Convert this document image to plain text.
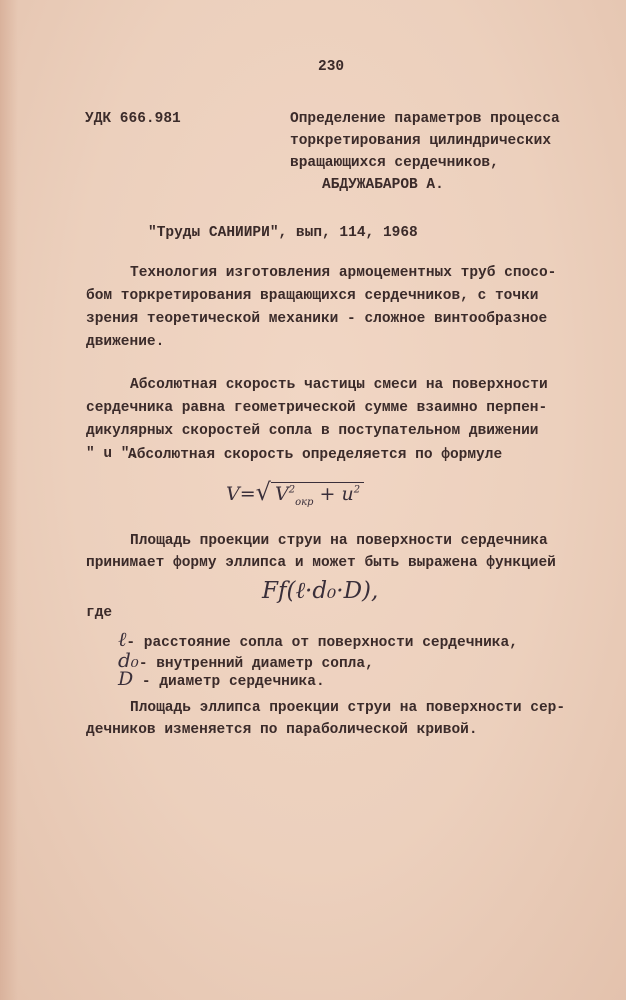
230
УДК 666.981	Определение параметров процесса
торкретирования цилиндрических
вращающихся сердечников,
АБДУЖАБАРОВ А.
"Труды САНИИРИ", вып, 114, 1968
Технология изготовления армоцементных труб спосо-
бом торкретирования вращающихся сердечников, с точки
зрения теоретической механики - сложное винтообразное
движение.
Абсолютная скорость частицы смеси на поверхности
сердечника равна геометрической сумме взаимно перпен-
дикулярных скоростей сопла в поступательном движении
" u ".
Абсолютная скорость определяется по формуле
V=√ $V^2_{окр} + u^2$
Площадь проекции струи на поверхности сердечника
принимает форму эллипса и может быть выражена функцией
Ff(ℓ·d₀·D),
где
ℓ- расстояние сопла от поверхности сердечника,
d₀- внутренний диаметр сопла,
D - диаметр сердечника.
Площадь эллипса проекции струи на поверхности сер-
дечников изменяется по параболической кривой.
